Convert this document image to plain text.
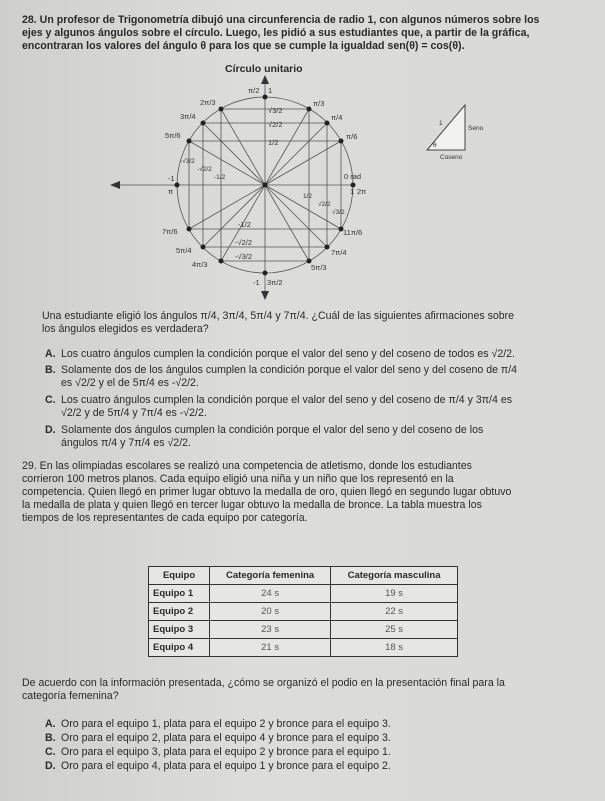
28. Un profesor de Trigonometría dibujó una circunferencia de radio 1, con algunos números sobre los
ejes y algunos ángulos sobre el círculo. Luego, les pidió a sus estudiantes que, a partir de la gráfica,
encontraran los valores del ángulo θ para los que se cumple la igualdad sen(θ) = cos(θ).
Círculo unitario
π/2 1
π/3
π/4
π/6
0 rad
1 2π
2π/3
3π/4
5π/6
-1
π
7π/6
5π/4
4π/3
-1 3π/2
5π/3
7π/4
11π/6
√3/2
√2/2
1/2
-1/2
-√2/2
-√3/2
1/2
√2/2
√3/2
-√3/2
-√2/2
-1/2
1
Seno
θ
Coseno
Una estudiante eligió los ángulos π/4, 3π/4, 5π/4 y 7π/4. ¿Cuál de las siguientes afirmaciones sobre
los ángulos elegidos es verdadera?
A. Los cuatro ángulos cumplen la condición porque el valor del seno y del coseno de todos es √2/2.
B. Solamente dos de los ángulos cumplen la condición porque el valor del seno y del coseno de π/4
es √2/2 y el de 5π/4 es -√2/2.
C. Los cuatro ángulos cumplen la condición porque el valor del seno y del coseno de π/4 y 3π/4 es
√2/2 y de 5π/4 y 7π/4 es -√2/2.
D. Solamente dos ángulos cumplen la condición porque el valor del seno y del coseno de los
ángulos π/4 y 7π/4 es √2/2.
29. En las olimpiadas escolares se realizó una competencia de atletismo, donde los estudiantes
corrieron 100 metros planos. Cada equipo eligió una niña y un niño que los representó en la
competencia. Quien llegó en primer lugar obtuvo la medalla de oro, quien llegó en segundo lugar obtuvo
la medalla de plata y quien llegó en tercer lugar obtuvo la medalla de bronce. La tabla muestra los
tiempos de los representantes de cada equipo por categoría.
Equipo	Categoría femenina	Categoría masculina
Equipo 1	24 s	19 s
Equipo 2	20 s	22 s
Equipo 3	23 s	25 s
Equipo 4	21 s	18 s
De acuerdo con la información presentada, ¿cómo se organizó el podio en la presentación final para la
categoría femenina?
A. Oro para el equipo 1, plata para el equipo 2 y bronce para el equipo 3.
B. Oro para el equipo 2, plata para el equipo 4 y bronce para el equipo 3.
C. Oro para el equipo 3, plata para el equipo 2 y bronce para el equipo 1.
D. Oro para el equipo 4, plata para el equipo 1 y bronce para el equipo 2.
